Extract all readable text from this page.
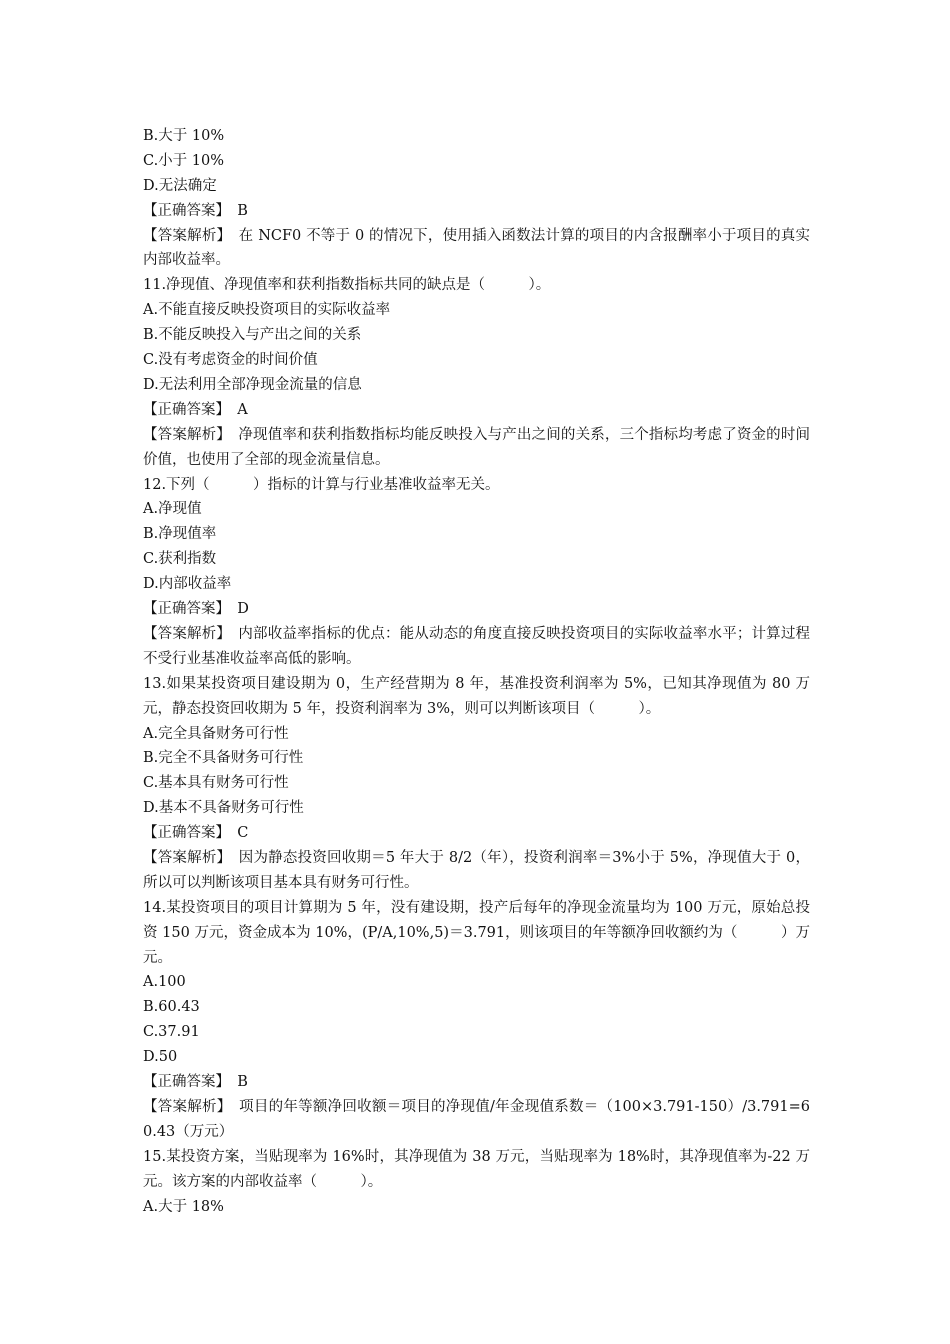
B.大于 10%
C.小于 10%
D.无法确定
【正确答案】　B
【答案解析】　在 NCF0 不等于 0 的情况下，使用插入函数法计算的项目的内含报酬率小于项目的真实内部收益率。
11.净现值、净现值率和获利指数指标共同的缺点是（　　　）。
A.不能直接反映投资项目的实际收益率
B.不能反映投入与产出之间的关系
C.没有考虑资金的时间价值
D.无法利用全部净现金流量的信息
【正确答案】　A
【答案解析】　净现值率和获利指数指标均能反映投入与产出之间的关系，三个指标均考虑了资金的时间价值，也使用了全部的现金流量信息。
12.下列（　　　）指标的计算与行业基准收益率无关。
A.净现值
B.净现值率
C.获利指数
D.内部收益率
【正确答案】　D
【答案解析】　内部收益率指标的优点：能从动态的角度直接反映投资项目的实际收益率水平；计算过程不受行业基准收益率高低的影响。
13.如果某投资项目建设期为 0，生产经营期为 8 年，基准投资利润率为 5%，已知其净现值为 80 万元，静态投资回收期为 5 年，投资利润率为 3%，则可以判断该项目（　　　）。
A.完全具备财务可行性
B.完全不具备财务可行性
C.基本具有财务可行性
D.基本不具备财务可行性
【正确答案】　C
【答案解析】　因为静态投资回收期＝5 年大于 8/2（年），投资利润率＝3%小于 5%，净现值大于 0，所以可以判断该项目基本具有财务可行性。
14.某投资项目的项目计算期为 5 年，没有建设期，投产后每年的净现金流量均为 100 万元，原始总投资 150 万元，资金成本为 10%，(P/A,10%,5)＝3.791，则该项目的年等额净回收额约为（　　　）万元。
A.100
B.60.43
C.37.91
D.50
【正确答案】　B
【答案解析】　项目的年等额净回收额＝项目的净现值/年金现值系数＝（100×3.791-150）/3.791=60.43（万元）
15.某投资方案，当贴现率为 16%时，其净现值为 38 万元，当贴现率为 18%时，其净现值率为-22 万元。该方案的内部收益率（　　　）。
A.大于 18%
